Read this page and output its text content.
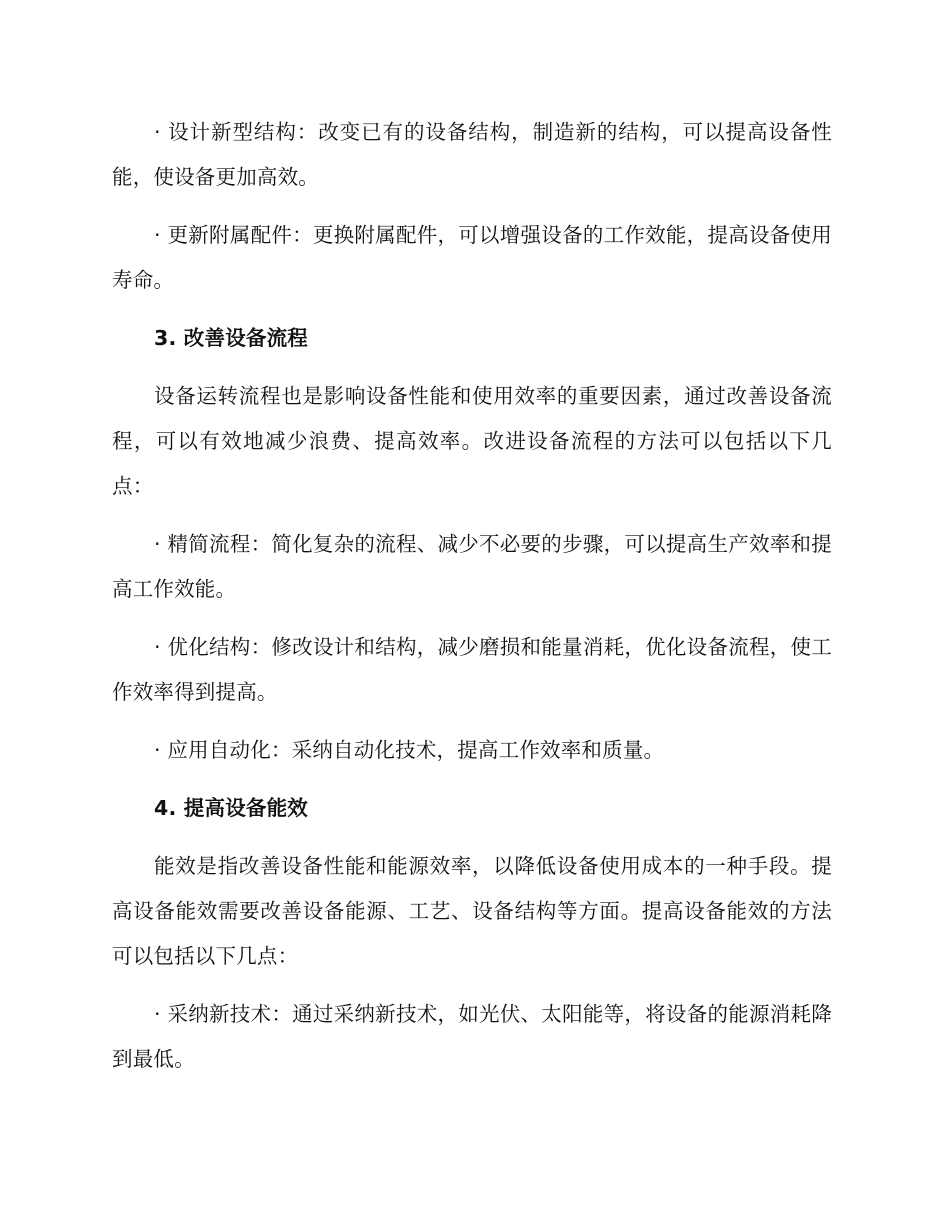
· 设计新型结构：改变已有的设备结构，制造新的结构，可以提高设备性能，使设备更加高效。

· 更新附属配件：更换附属配件，可以增强设备的工作效能，提高设备使用寿命。

3. 改善设备流程

设备运转流程也是影响设备性能和使用效率的重要因素，通过改善设备流程，可以有效地减少浪费、提高效率。改进设备流程的方法可以包括以下几点：

· 精简流程：简化复杂的流程、减少不必要的步骤，可以提高生产效率和提高工作效能。

· 优化结构：修改设计和结构，减少磨损和能量消耗，优化设备流程，使工作效率得到提高。

· 应用自动化：采纳自动化技术，提高工作效率和质量。

4. 提高设备能效

能效是指改善设备性能和能源效率，以降低设备使用成本的一种手段。提高设备能效需要改善设备能源、工艺、设备结构等方面。提高设备能效的方法可以包括以下几点：

· 采纳新技术：通过采纳新技术，如光伏、太阳能等，将设备的能源消耗降到最低。
